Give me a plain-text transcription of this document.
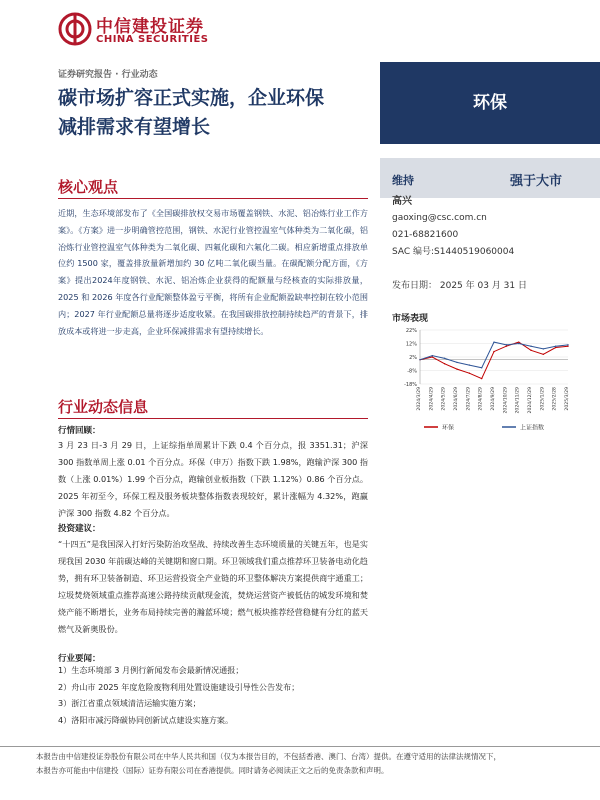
中信建投证券
CHINA SECURITIES
证券研究报告 · 行业动态
碳市场扩容正式实施，企业环保
减排需求有望增长
环保
维持	强于大市
高兴
gaoxing@csc.com.cn
021-68821600
SAC 编号:S1440519060004
发布日期： 2025 年 03 月 31 日
市场表现
22%
12%
2%
-8%
-18%
2024/3/29 2024/4/29 2024/5/29 2024/6/29 2024/7/29 2024/8/29 2024/9/29 2024/10/29 2024/11/29 2024/12/29 2025/1/29 2025/2/28 2025/3/29
环保	上证指数
核心观点
近期，生态环境部发布了《全国碳排放权交易市场覆盖钢铁、水泥、铝冶炼行业工作方案》。《方案》进一步明确管控范围，钢铁、水泥行业管控温室气体种类为二氧化碳，铝冶炼行业管控温室气体种类为二氧化碳、四氟化碳和六氟化二碳。相应新增重点排放单位约 1500 家，覆盖排放量新增加约 30 亿吨二氧化碳当量。在碳配额分配方面，《方案》提出2024年度钢铁、水泥、铝冶炼企业获得的配额量与经核查的实际排放量，2025 和 2026 年度各行业配额整体盈亏平衡，将所有企业配额盈缺率控制在较小范围内；2027 年行业配额总量将逐步适度收紧。在我国碳排放控制持续趋严的背景下，排放成本或将进一步走高，企业环保减排需求有望持续增长。
行业动态信息
行情回顾：
3 月 23 日-3 月 29 日，上证综指单周累计下跌 0.4 个百分点，报 3351.31；沪深 300 指数单周上涨 0.01 个百分点。环保（申万）指数下跌 1.98%，跑输沪深 300 指数（上涨 0.01%）1.99 个百分点，跑输创业板指数（下跌 1.12%）0.86 个百分点。2025 年初至今，环保工程及服务板块整体指数表现较好，累计涨幅为 4.32%，跑赢沪深 300 指数 4.82 个百分点。
投资建议：
“十四五”是我国深入打好污染防治攻坚战、持续改善生态环境质量的关键五年，也是实现我国 2030 年前碳达峰的关键期和窗口期。环卫领域我们重点推荐环卫装备电动化趋势，拥有环卫装备制造、环卫运营投资全产业链的环卫整体解决方案提供商宇通重工；垃圾焚烧领域重点推荐高速公路持续贡献现金流，焚烧运营资产被低估的城发环境和焚烧产能不断增长，业务布局持续完善的瀚蓝环境；燃气板块推荐经营稳健有分红的蓝天燃气及新奥股份。
行业要闻：
1）生态环境部 3 月例行新闻发布会最新情况通报；
2）舟山市 2025 年度危险废物利用处置设施建设引导性公告发布；
3）浙江省重点领域清洁运输实施方案；
4）洛阳市减污降碳协同创新试点建设实施方案。
本报告由中信建投证券股份有限公司在中华人民共和国（仅为本报告目的，不包括香港、澳门、台湾）提供。在遵守适用的法律法规情况下，
本报告亦可能由中信建投（国际）证券有限公司在香港提供。同时请务必阅读正文之后的免责条款和声明。
